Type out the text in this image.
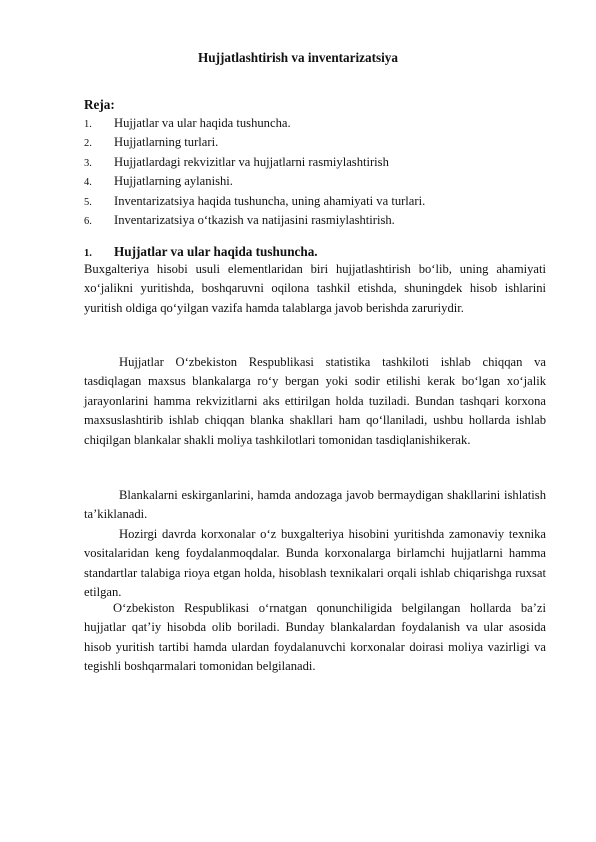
Hujjatlashtirish va inventarizatsiya
Reja:
1. Hujjatlar va ular haqida tushuncha.
2. Hujjatlarning turlari.
3. Hujjatlardagi rekvizitlar va hujjatlarni rasmiylashtirish
4. Hujjatlarning aylanishi.
5. Inventarizatsiya haqida tushuncha, uning ahamiyati va turlari.
6. Inventarizatsiya o‘tkazish va natijasini rasmiylashtirish.
1. Hujjatlar va ular haqida tushuncha.
Buxgalteriya hisobi usuli elementlaridan biri hujjatlashtirish bo‘lib, uning ahamiyati xo‘jalikni yuritishda, boshqaruvni oqilona tashkil etishda, shuningdek hisob ishlarini yuritish oldiga qo‘yilgan vazifa hamda talablarga javob berishda zaruriydir.
Hujjatlar O‘zbekiston Respublikasi statistika tashkiloti ishlab chiqqan va tasdiqlagan maxsus blankalarga ro‘y bergan yoki sodir etilishi kerak bo‘lgan xo‘jalik jarayonlarini hamma rekvizitlarni aks ettirilgan holda tuziladi. Bundan tashqari korxona maxsuslashtirib ishlab chiqqan blanka shakllari ham qo‘llaniladi, ushbu hollarda ishlab chiqilgan blankalar shakli moliya tashkilotlari tomonidan tasdiqlanishikerak.
Blankalarni eskirganlarini, hamda andozaga javob bermaydigan shakllarini ishlatish ta’kiklanadi.
Hozirgi davrda korxonalar o‘z buxgalteriya hisobini yuritishda zamonaviy texnika vositalaridan keng foydalanmoqdalar. Bunda korxonalarga birlamchi hujjatlarni hamma standartlar talabiga rioya etgan holda, hisoblash texnikalari orqali ishlab chiqarishga ruxsat etilgan.
O‘zbekiston Respublikasi o‘rnatgan qonunchiligida belgilangan hollarda ba’zi hujjatlar qat’iy hisobda olib boriladi. Bunday blankalardan foydalanish va ular asosida hisob yuritish tartibi hamda ulardan foydalanuvchi korxonalar doirasi moliya vazirligi va tegishli boshqarmalari tomonidan belgilanadi.
